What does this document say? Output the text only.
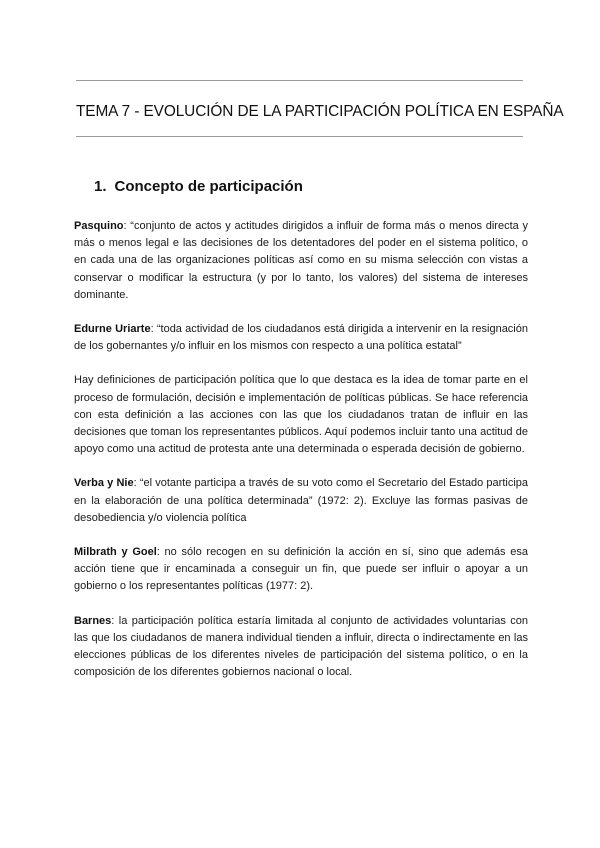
TEMA 7 - EVOLUCIÓN DE LA PARTICIPACIÓN POLÍTICA EN ESPAÑA
1. Concepto de participación

Pasquino: “conjunto de actos y actitudes dirigidos a influir de forma más o menos directa y más o menos legal e las decisiones de los detentadores del poder en el sistema político, o en cada una de las organizaciones políticas así como en su misma selección con vistas a conservar o modificar la estructura (y por lo tanto, los valores) del sistema de intereses dominante.

Edurne Uriarte: “toda actividad de los ciudadanos está dirigida a intervenir en la resignación de los gobernantes y/o influir en los mismos con respecto a una política estatal”

Hay definiciones de participación política que lo que destaca es la idea de tomar parte en el proceso de formulación, decisión e implementación de políticas públicas. Se hace referencia con esta definición a las acciones con las que los ciudadanos tratan de influir en las decisiones que toman los representantes públicos. Aquí podemos incluir tanto una actitud de apoyo como una actitud de protesta ante una determinada o esperada decisión de gobierno.

Verba y Nie: “el votante participa a través de su voto como el Secretario del Estado participa en la elaboración de una política determinada” (1972: 2). Excluye las formas pasivas de desobediencia y/o violencia política

Milbrath y Goel: no sólo recogen en su definición la acción en sí, sino que además esa acción tiene que ir encaminada a conseguir un fin, que puede ser influir o apoyar a un gobierno o los representantes políticas (1977: 2).

Barnes: la participación política estaría limitada al conjunto de actividades voluntarias con las que los ciudadanos de manera individual tienden a influir, directa o indirectamente en las elecciones públicas de los diferentes niveles de participación del sistema político, o en la composición de los diferentes gobiernos nacional o local.
